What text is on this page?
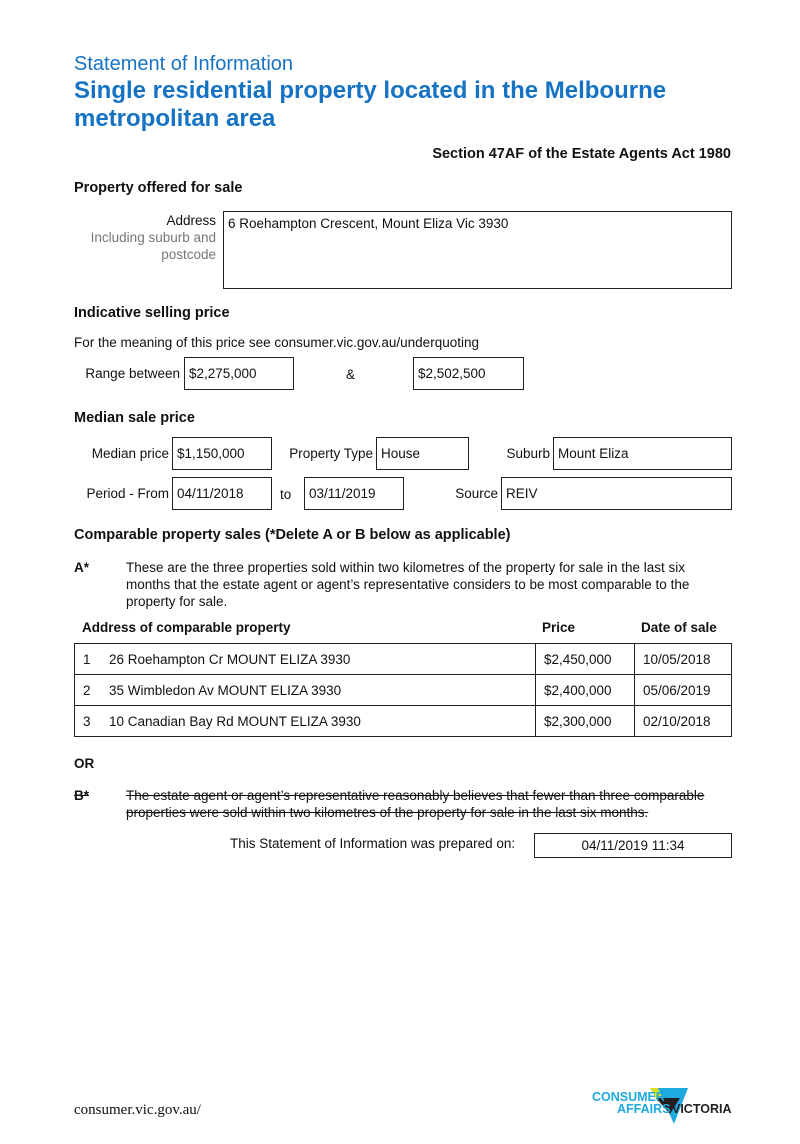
Statement of Information
Single residential property located in the Melbourne metropolitan area
Section 47AF of the Estate Agents Act 1980
Property offered for sale
Address
Including suburb and
postcode
6 Roehampton Crescent, Mount Eliza Vic 3930
Indicative selling price
For the meaning of this price see consumer.vic.gov.au/underquoting
Range between $2,275,000	&	$2,502,500
Median sale price
Median price $1,150,000	Property Type House	Suburb Mount Eliza
Period - From 04/11/2018	to	03/11/2019	Source REIV
Comparable property sales (*Delete A or B below as applicable)
A*	These are the three properties sold within two kilometres of the property for sale in the last six months that the estate agent or agent’s representative considers to be most comparable to the property for sale.
Address of comparable property	Price	Date of sale
1 26 Roehampton Cr MOUNT ELIZA 3930	$2,450,000	10/05/2018
2 35 Wimbledon Av MOUNT ELIZA 3930	$2,400,000	05/06/2019
3 10 Canadian Bay Rd MOUNT ELIZA 3930	$2,300,000	02/10/2018
OR
B*	The estate agent or agent’s representative reasonably believes that fewer than three comparable properties were sold within two kilometres of the property for sale in the last six months.
This Statement of Information was prepared on:	04/11/2019 11:34
consumer.vic.gov.au/
CONSUMER
AFFAIRS VICTORIA
